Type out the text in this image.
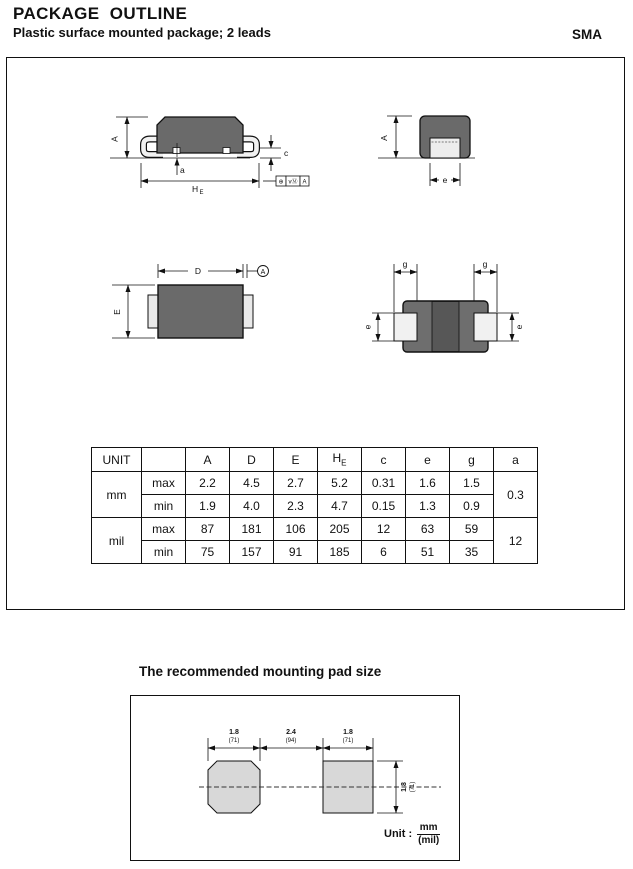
PACKAGE  OUTLINE
Plastic surface mounted package; 2 leads	SMA
A
a
H E
c
⊕ vⓂ A
A
e
D	A
E
g	g
e	e
UNIT		A	D	E	$H_E$	c	e	g	a
mm	max	2.2	4.5	2.7	5.2	0.31	1.6	1.5	0.3
	min	1.9	4.0	2.3	4.7	0.15	1.3	0.9	
mil	max	87	181	106	205	12	63	59	12
	min	75	157	91	185	6	51	35	
The recommended mounting pad size
1.8
(71)
2.4
(94)
1.8
(71)
1.8 (71)
Unit : $\frac{mm}{\text{(mil)}}$
